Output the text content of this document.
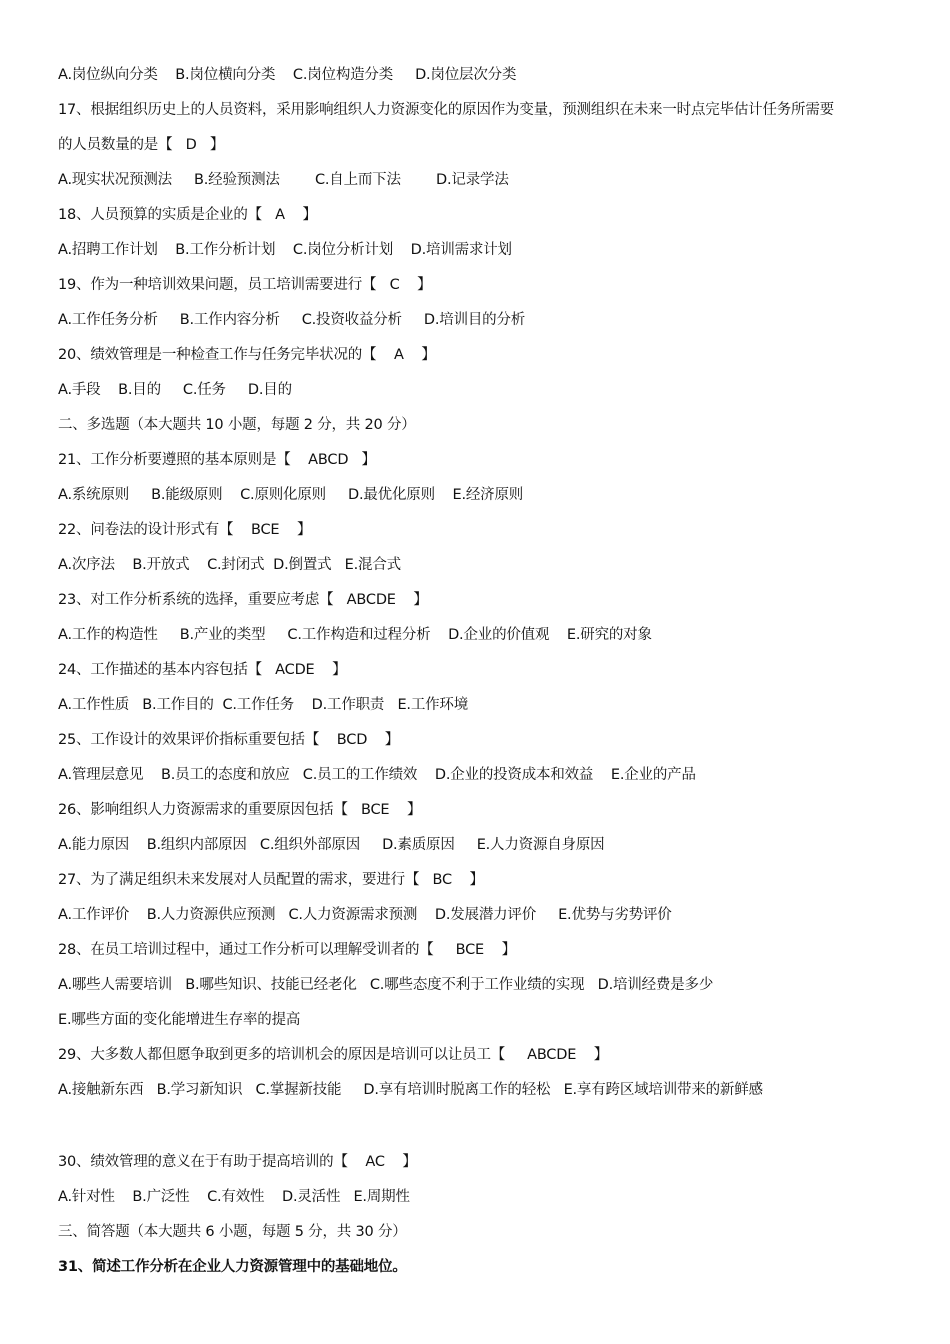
A.岗位纵向分类    B.岗位横向分类    C.岗位构造分类     D.岗位层次分类
17、根据组织历史上的人员资料，采用影响组织人力资源变化的原因作为变量，预测组织在未来一时点完毕估计任务所需要
的人员数量的是【   D   】
A.现实状况预测法     B.经验预测法        C.自上而下法        D.记录学法
18、人员预算的实质是企业的【   A    】
A.招聘工作计划    B.工作分析计划    C.岗位分析计划    D.培训需求计划
19、作为一种培训效果问题，员工培训需要进行【   C    】
A.工作任务分析     B.工作内容分析     C.投资收益分析     D.培训目的分析
20、绩效管理是一种检查工作与任务完毕状况的【    A    】
A.手段    B.目的     C.任务     D.目的
二、多选题（本大题共 10 小题，每题 2 分，共 20 分）
21、工作分析要遵照的基本原则是【    ABCD   】
A.系统原则     B.能级原则    C.原则化原则     D.最优化原则    E.经济原则
22、问卷法的设计形式有【    BCE    】
A.次序法    B.开放式    C.封闭式  D.倒置式   E.混合式
23、对工作分析系统的选择，重要应考虑【   ABCDE    】
A.工作的构造性     B.产业的类型     C.工作构造和过程分析    D.企业的价值观    E.研究的对象
24、工作描述的基本内容包括【   ACDE    】
A.工作性质   B.工作目的  C.工作任务    D.工作职责   E.工作环境
25、工作设计的效果评价指标重要包括【    BCD    】
A.管理层意见    B.员工的态度和放应   C.员工的工作绩效    D.企业的投资成本和效益    E.企业的产品
26、影响组织人力资源需求的重要原因包括【   BCE    】
A.能力原因    B.组织内部原因   C.组织外部原因     D.素质原因     E.人力资源自身原因
27、为了满足组织未来发展对人员配置的需求，要进行【   BC    】
A.工作评价    B.人力资源供应预测   C.人力资源需求预测    D.发展潜力评价     E.优势与劣势评价
28、在员工培训过程中，通过工作分析可以理解受训者的【     BCE    】
A.哪些人需要培训   B.哪些知识、技能已经老化   C.哪些态度不利于工作业绩的实现   D.培训经费是多少
E.哪些方面的变化能增进生存率的提高
29、大多数人都但愿争取到更多的培训机会的原因是培训可以让员工【     ABCDE    】
A.接触新东西   B.学习新知识   C.掌握新技能     D.享有培训时脱离工作的轻松   E.享有跨区域培训带来的新鲜感
30、绩效管理的意义在于有助于提高培训的【    AC    】
A.针对性    B.广泛性    C.有效性    D.灵活性   E.周期性
三、简答题（本大题共 6 小题，每题 5 分，共 30 分）
31、简述工作分析在企业人力资源管理中的基础地位。
